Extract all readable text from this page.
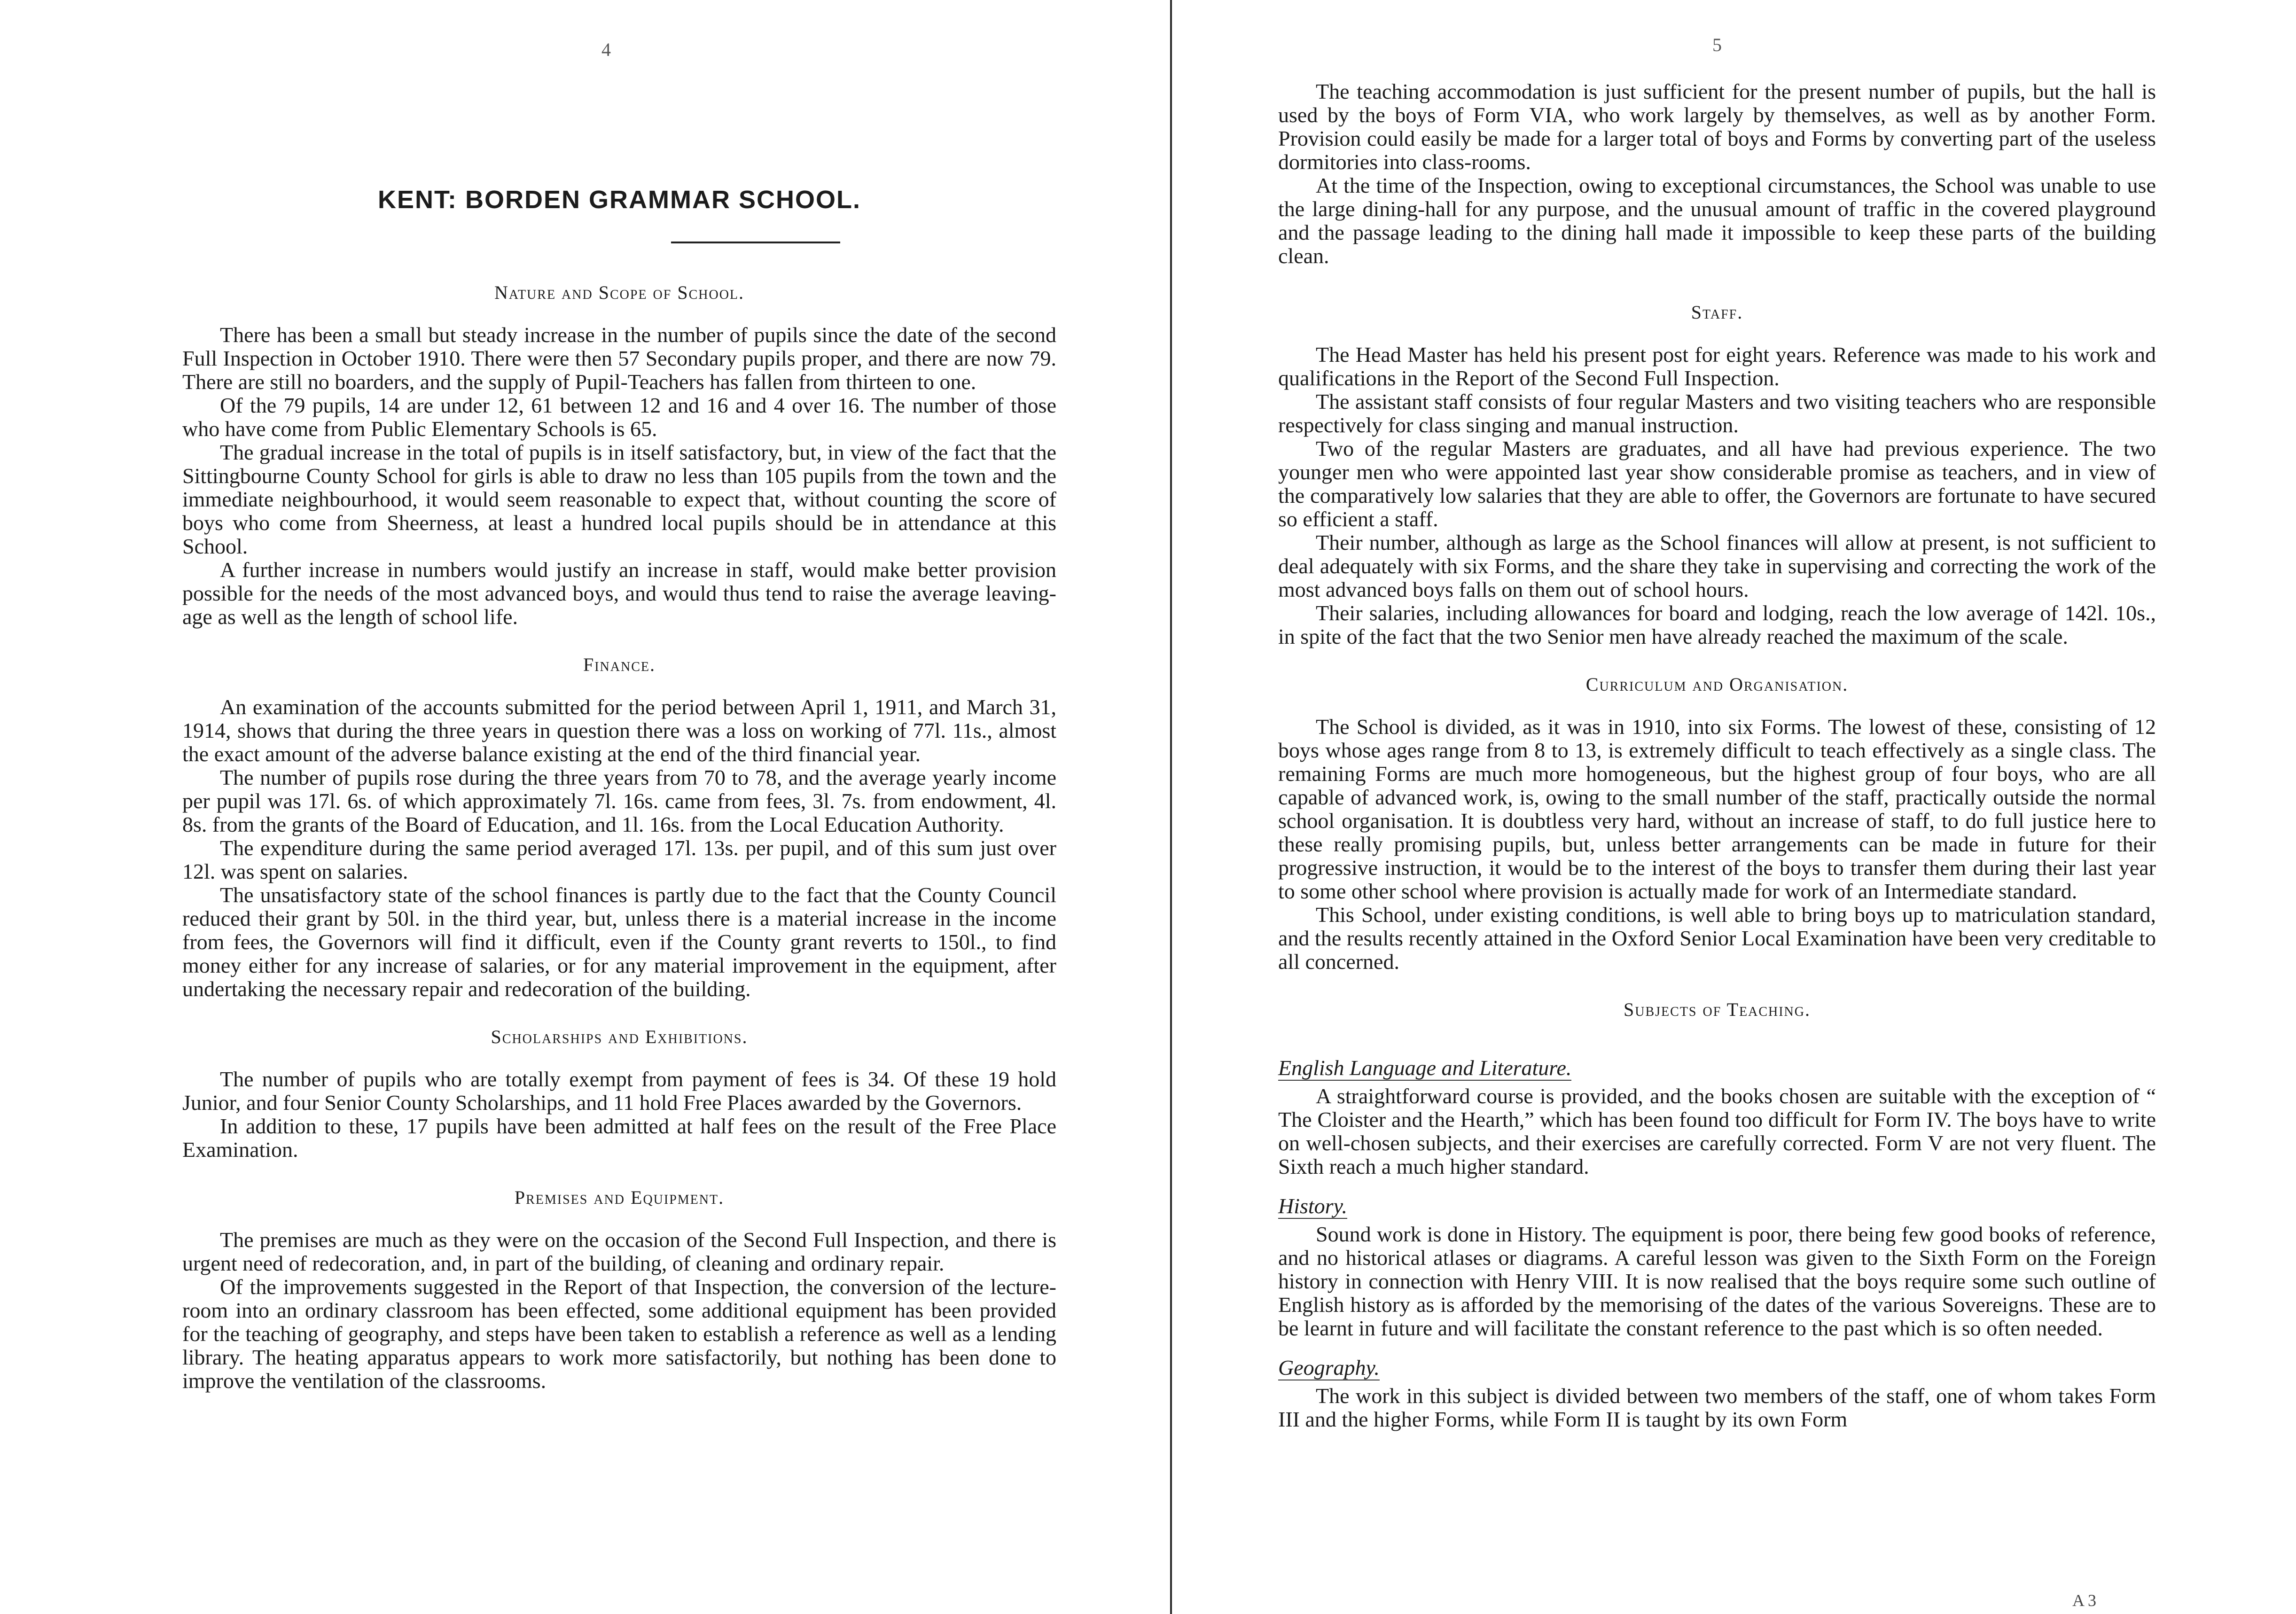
4
KENT: BORDEN GRAMMAR SCHOOL.
Nature and Scope of School.

There has been a small but steady increase in the number of pupils since the date of the second Full Inspection in October 1910. There were then 57 Secondary pupils proper, and there are now 79. There are still no boarders, and the supply of Pupil-Teachers has fallen from thirteen to one.

Of the 79 pupils, 14 are under 12, 61 between 12 and 16 and 4 over 16. The number of those who have come from Public Elementary Schools is 65.

The gradual increase in the total of pupils is in itself satisfactory, but, in view of the fact that the Sittingbourne County School for girls is able to draw no less than 105 pupils from the town and the immediate neighbourhood, it would seem reasonable to expect that, without counting the score of boys who come from Sheerness, at least a hundred local pupils should be in attendance at this School.

A further increase in numbers would justify an increase in staff, would make better provision possible for the needs of the most advanced boys, and would thus tend to raise the average leaving-age as well as the length of school life.

Finance.

An examination of the accounts submitted for the period between April 1, 1911, and March 31, 1914, shows that during the three years in question there was a loss on working of 77l. 11s., almost the exact amount of the adverse balance existing at the end of the third financial year.

The number of pupils rose during the three years from 70 to 78, and the average yearly income per pupil was 17l. 6s. of which approximately 7l. 16s. came from fees, 3l. 7s. from endowment, 4l. 8s. from the grants of the Board of Education, and 1l. 16s. from the Local Education Authority.

The expenditure during the same period averaged 17l. 13s. per pupil, and of this sum just over 12l. was spent on salaries.

The unsatisfactory state of the school finances is partly due to the fact that the County Council reduced their grant by 50l. in the third year, but, unless there is a material increase in the income from fees, the Governors will find it difficult, even if the County grant reverts to 150l., to find money either for any increase of salaries, or for any material improvement in the equipment, after undertaking the necessary repair and redecoration of the building.

Scholarships and Exhibitions.

The number of pupils who are totally exempt from payment of fees is 34. Of these 19 hold Junior, and four Senior County Scholarships, and 11 hold Free Places awarded by the Governors.

In addition to these, 17 pupils have been admitted at half fees on the result of the Free Place Examination.

Premises and Equipment.

The premises are much as they were on the occasion of the Second Full Inspection, and there is urgent need of redecoration, and, in part of the building, of cleaning and ordinary repair.

Of the improvements suggested in the Report of that Inspection, the conversion of the lecture-room into an ordinary classroom has been effected, some additional equipment has been provided for the teaching of geography, and steps have been taken to establish a reference as well as a lending library. The heating apparatus appears to work more satisfactorily, but nothing has been done to improve the ventilation of the classrooms.

5

The teaching accommodation is just sufficient for the present number of pupils, but the hall is used by the boys of Form VIA, who work largely by themselves, as well as by another Form. Provision could easily be made for a larger total of boys and Forms by converting part of the useless dormitories into class-rooms.

At the time of the Inspection, owing to exceptional circumstances, the School was unable to use the large dining-hall for any purpose, and the unusual amount of traffic in the covered playground and the passage leading to the dining hall made it impossible to keep these parts of the building clean.

Staff.

The Head Master has held his present post for eight years. Reference was made to his work and qualifications in the Report of the Second Full Inspection.

The assistant staff consists of four regular Masters and two visiting teachers who are responsible respectively for class singing and manual instruction.

Two of the regular Masters are graduates, and all have had previous experience. The two younger men who were appointed last year show considerable promise as teachers, and in view of the comparatively low salaries that they are able to offer, the Governors are fortunate to have secured so efficient a staff.

Their number, although as large as the School finances will allow at present, is not sufficient to deal adequately with six Forms, and the share they take in supervising and correcting the work of the most advanced boys falls on them out of school hours.

Their salaries, including allowances for board and lodging, reach the low average of 142l. 10s., in spite of the fact that the two Senior men have already reached the maximum of the scale.

Curriculum and Organisation.

The School is divided, as it was in 1910, into six Forms. The lowest of these, consisting of 12 boys whose ages range from 8 to 13, is extremely difficult to teach effectively as a single class. The remaining Forms are much more homogeneous, but the highest group of four boys, who are all capable of advanced work, is, owing to the small number of the staff, practically outside the normal school organisation. It is doubtless very hard, without an increase of staff, to do full justice here to these really promising pupils, but, unless better arrangements can be made in future for their progressive instruction, it would be to the interest of the boys to transfer them during their last year to some other school where provision is actually made for work of an Intermediate standard.

This School, under existing conditions, is well able to bring boys up to matriculation standard, and the results recently attained in the Oxford Senior Local Examination have been very creditable to all concerned.

Subjects of Teaching.
English Language and Literature.

A straightforward course is provided, and the books chosen are suitable with the exception of “ The Cloister and the Hearth,” which has been found too difficult for Form IV. The boys have to write on well-chosen subjects, and their exercises are carefully corrected. Form V are not very fluent. The Sixth reach a much higher standard.

History.

Sound work is done in History. The equipment is poor, there being few good books of reference, and no historical atlases or diagrams. A careful lesson was given to the Sixth Form on the Foreign history in connection with Henry VIII. It is now realised that the boys require some such outline of English history as is afforded by the memorising of the dates of the various Sovereigns. These are to be learnt in future and will facilitate the constant reference to the past which is so often needed.

Geography.

The work in this subject is divided between two members of the staff, one of whom takes Form III and the higher Forms, while Form II is taught by its own Form

A 3
